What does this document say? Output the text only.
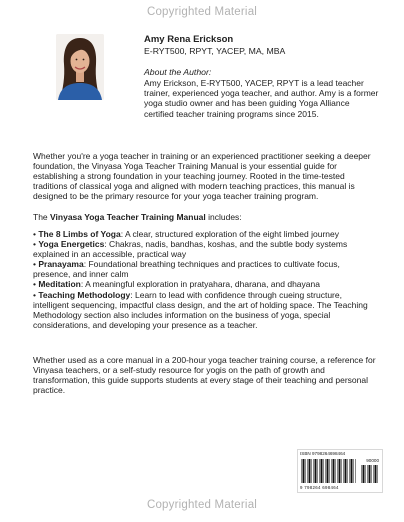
Copyrighted Material
Amy Rena Erickson
E-RYT500, RPYT, YACEP, MA, MBA
About the Author:
Amy Erickson, E-RYT500, YACEP, RPYT is a lead teacher trainer, experienced yoga teacher, and author. Amy is a former yoga studio owner and has been guiding Yoga Alliance certified teacher training programs since 2015.
Whether you're a yoga teacher in training or an experienced practitioner seeking a deeper foundation, the Vinyasa Yoga Teacher Training Manual is your essential guide for establishing a strong foundation in your teaching journey. Rooted in the time-tested traditions of classical yoga and aligned with modern teaching practices, this manual is designed to be the primary resource for your yoga teacher training program.
The Vinyasa Yoga Teacher Training Manual includes:
• The 8 Limbs of Yoga: A clear, structured exploration of the eight limbed journey
• Yoga Energetics: Chakras, nadis, bandhas, koshas, and the subtle body systems explained in an accessible, practical way
• Pranayama: Foundational breathing techniques and practices to cultivate focus, presence, and inner calm
• Meditation: A meaningful exploration in pratyahara, dharana, and dhayana
• Teaching Methodology: Learn to lead with confidence through cueing structure, intelligent sequencing, impactful class design, and the art of holding space. The Teaching Methodology section also includes information on the business of yoga, special considerations, and developing your presence as a teacher.
Whether used as a core manual in a 200-hour yoga teacher training course, a reference for Vinyasa teachers, or a self-study resource for yogis on the path of growth and transformation, this guide supports students at every stage of their teaching and personal practice.
ISBN 9798264698464
90000
9 798264 698464
Copyrighted Material
